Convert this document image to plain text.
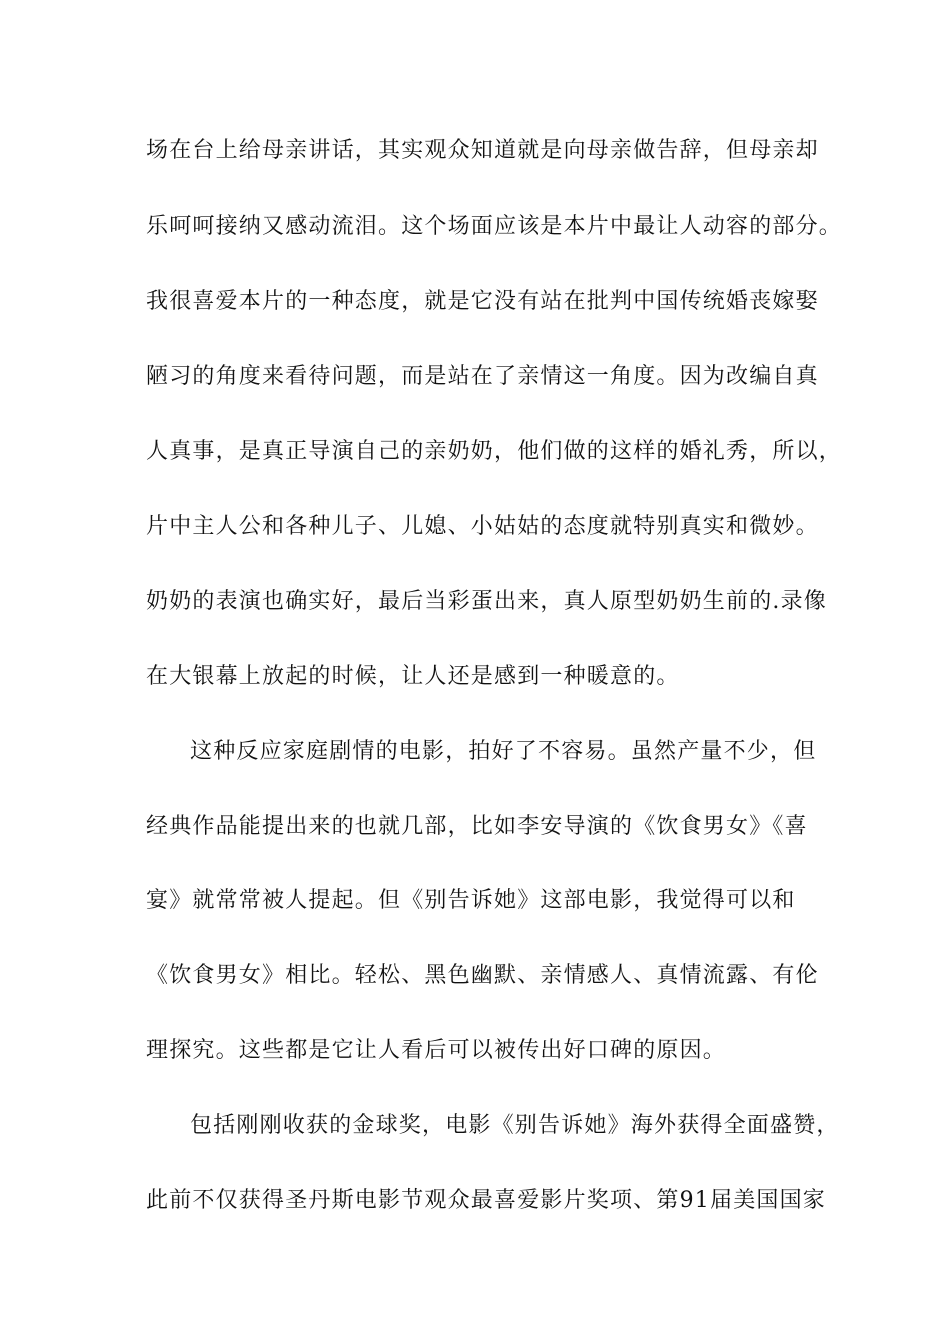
场在台上给母亲讲话，其实观众知道就是向母亲做告辞，但母亲却
乐呵呵接纳又感动流泪。这个场面应该是本片中最让人动容的部分。
我很喜爱本片的一种态度，就是它没有站在批判中国传统婚丧嫁娶
陋习的角度来看待问题，而是站在了亲情这一角度。因为改编自真
人真事，是真正导演自己的亲奶奶，他们做的这样的婚礼秀，所以，
片中主人公和各种儿子、儿媳、小姑姑的态度就特别真实和微妙。
奶奶的表演也确实好，最后当彩蛋出来，真人原型奶奶生前的.录像
在大银幕上放起的时候，让人还是感到一种暖意的。
这种反应家庭剧情的电影，拍好了不容易。虽然产量不少，但
经典作品能提出来的也就几部，比如李安导演的《饮食男女》《喜
宴》就常常被人提起。但《别告诉她》这部电影，我觉得可以和
《饮食男女》相比。轻松、黑色幽默、亲情感人、真情流露、有伦
理探究。这些都是它让人看后可以被传出好口碑的原因。
包括刚刚收获的金球奖，电影《别告诉她》海外获得全面盛赞，
此前不仅获得圣丹斯电影节观众最喜爱影片奖项、第91届美国国家
